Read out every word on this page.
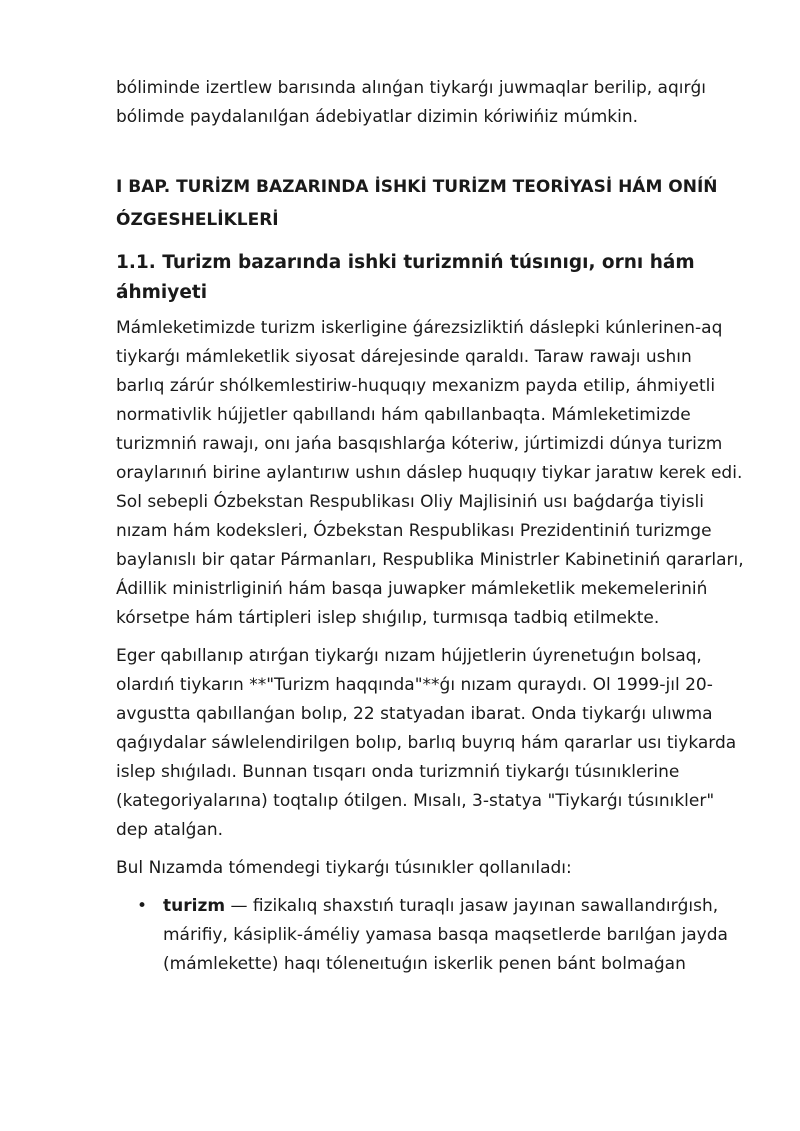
bóliminde izertlew barısında alınǵan tiykarǵı juwmaqlar berilip, aqırǵı bólimde paydalanılǵan ádebiyatlar dizimin kóriwińiz múmkin.

I BAP. TURİZM BAZARINDA İSHKİ TURİZM TEORİYASİ HÁM ONÍŃ ÓZGESHELİKLERİ
1.1. Turizm bazarında ishki turizmniń túsınıgı, ornı hám áhmiyeti

Mámleketimizde turizm iskerligine ǵárezsizliktiń dáslepki kúnlerinen-aq tiykarǵı mámleketlik siyosat dárejesinde qaraldı. Taraw rawajı ushın barlıq zárúr shólkemlestiriw-huquqıy mexanizm payda etilip, áhmiyetli normativlik hújjetler qabıllandı hám qabıllanbaqta. Mámleketimizde turizmniń rawajı, onı jańa basqıshlarǵa kóteriw, júrtimizdi dúnya turizm oraylarınıń birine aylantırıw ushın dáslep huquqıy tiykar jaratıw kerek edi. Sol sebepli Ózbekstan Respublikası Oliy Majlisiniń usı baǵdarǵa tiyisli nızam hám kodeksleri, Ózbekstan Respublikası Prezidentiniń turizmge baylanıslı bir qatar Pármanları, Respublika Ministrler Kabinetiniń qararları, Ádillik ministrliginiń hám basqa juwapker mámleketlik mekemeleriniń kórsetpe hám tártipleri islep shıǵılıp, turmısqa tadbiq etilmekte.

Eger qabıllanıp atırǵan tiykarǵı nızam hújjetlerin úyrenetuǵın bolsaq, olardıń tiykarın **"Turizm haqqında"**ǵı nızam quraydı. Ol 1999-jıl 20-avgustta qabıllanǵan bolıp, 22 statyadan ibarat. Onda tiykarǵı ulıwma qaǵıydalar sáwlelendirilgen bolıp, barlıq buyrıq hám qararlar usı tiykarda islep shıǵıladı. Bunnan tısqarı onda turizmniń tiykarǵı túsınıklerine (kategoriyalarına) toqtalıp ótilgen. Mısalı, 3-statya "Tiykarǵı túsınıkler" dep atalǵan.

Bul Nızamda tómendegi tiykarǵı túsınıkler qollanıladı:

• turizm — fizikalıq shaxstıń turaqlı jasaw jayınan sawallandırǵısh, márifiy, kásiplik-áméliy yamasa basqa maqsetlerde barılǵan jayda (mámlekette) haqı tóleneıtuǵın iskerlik penen bánt bolmaǵan
